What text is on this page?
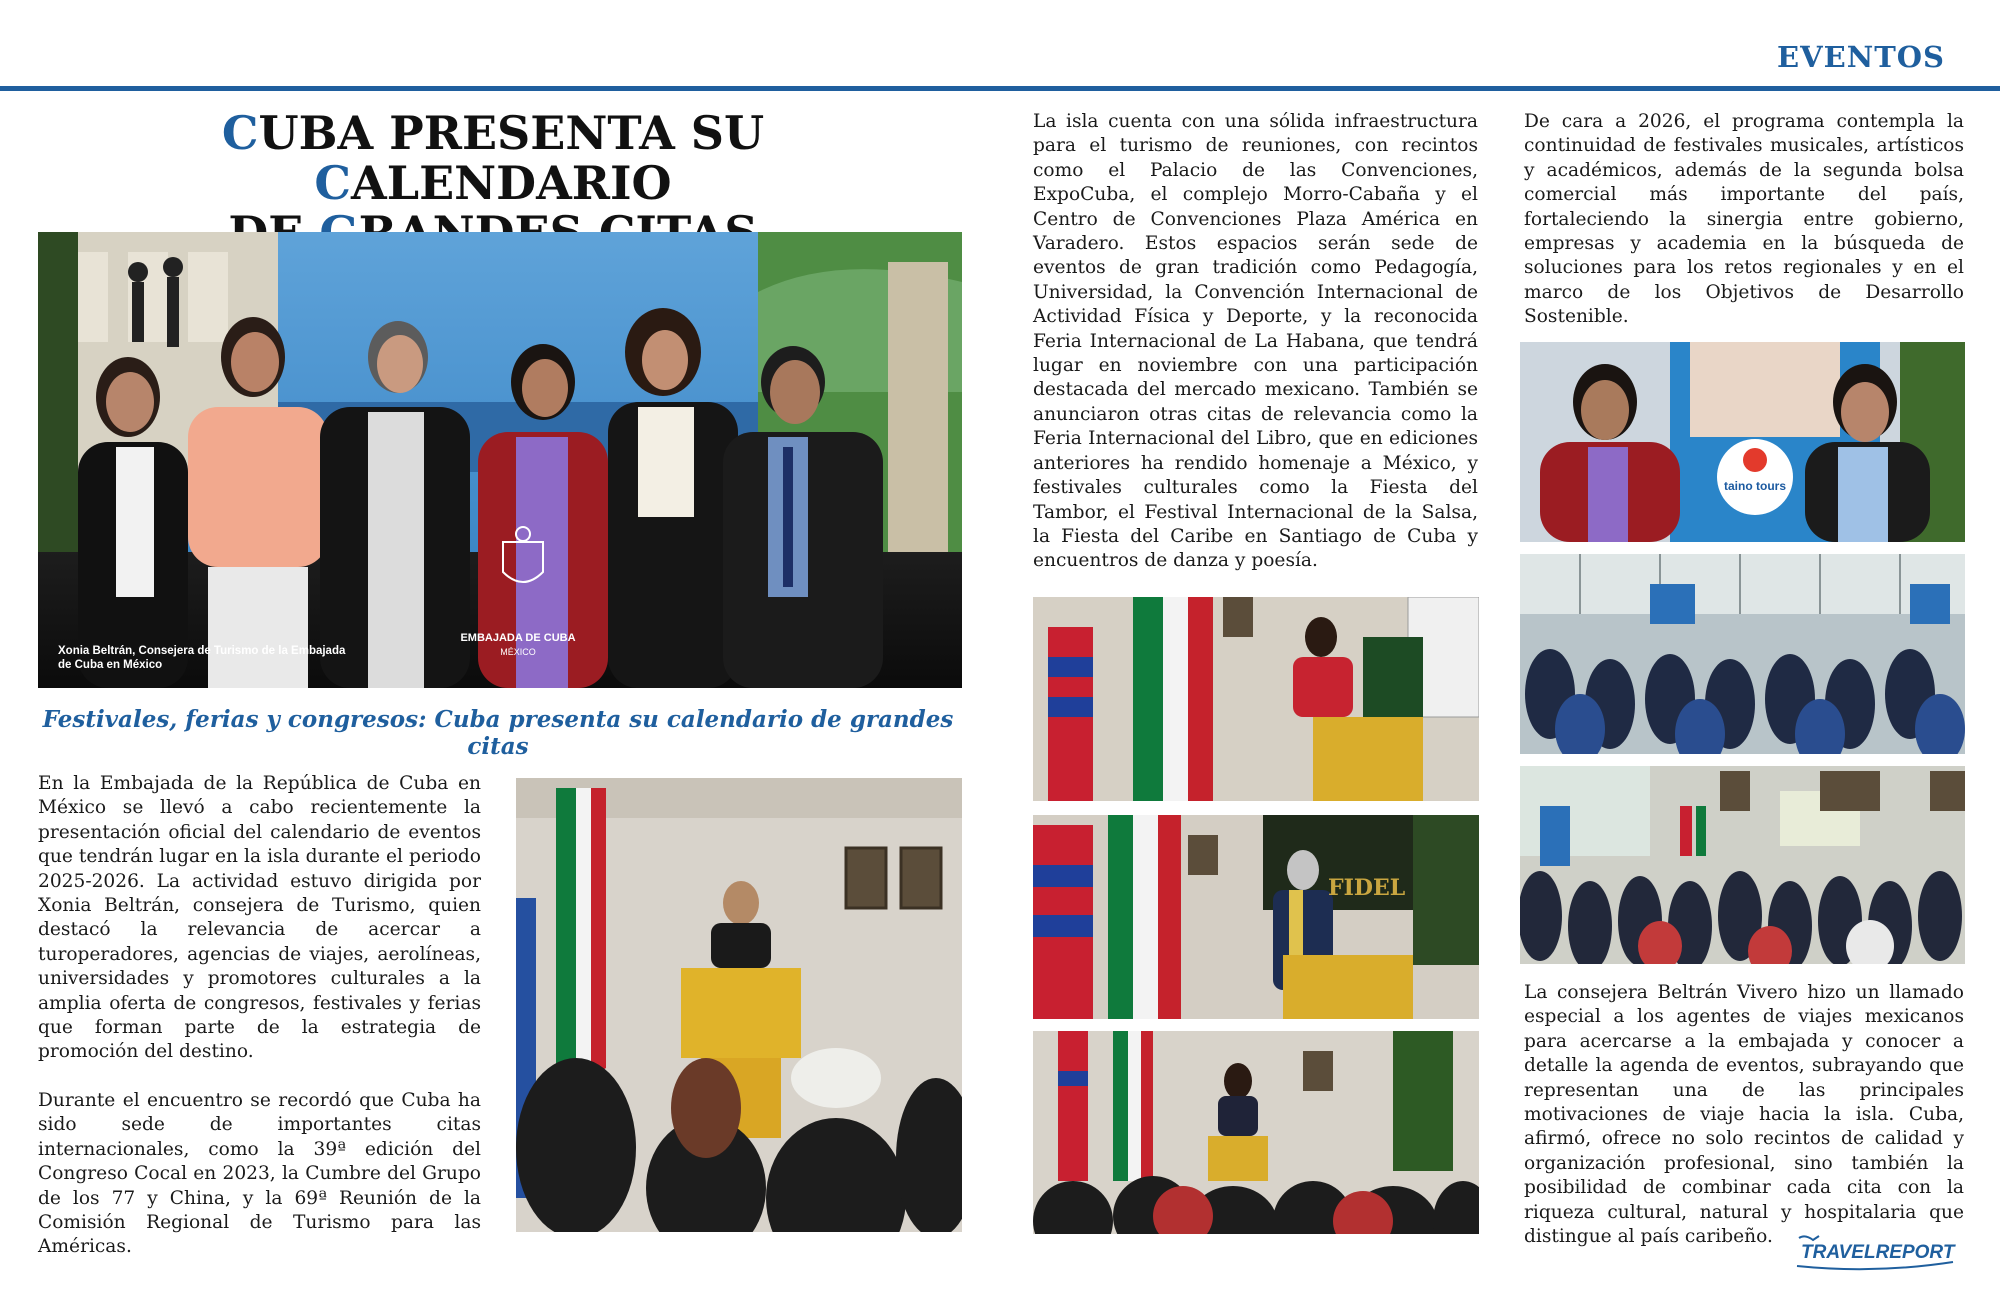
EVENTOS
CUBA PRESENTA SU CALENDARIO
Xonia Beltrán, Consejera de Turismo de la Embajada
de Cuba en México
EMBAJADA DE CUBA
MÉXICO
Festivales, ferias y congresos: Cuba presenta su calendario de grandes citas

En la Embajada de la República de Cuba en México se llevó a cabo recientemente la presentación oficial del calendario de eventos que tendrán lugar en la isla durante el periodo 2025-2026. La actividad estuvo dirigida por Xonia Beltrán, consejera de Turismo, quien destacó la relevancia de acercar a turoperadores, agencias de viajes, aerolíneas, universidades y promotores culturales a la amplia oferta de congresos, festivales y ferias que forman parte de la estrategia de promoción del destino.

Durante el encuentro se recordó que Cuba ha sido sede de importantes citas internacionales, como la 39ª edición del Congreso Cocal en 2023, la Cumbre del Grupo de los 77 y China, y la 69ª Reunión de la Comisión Regional de Turismo para las Américas.

La isla cuenta con una sólida infraestructura para el turismo de reuniones, con recintos como el Palacio de las Convenciones, ExpoCuba, el complejo Morro-Cabaña y el Centro de Convenciones Plaza América en Varadero. Estos espacios serán sede de eventos de gran tradición como Pedagogía, Universidad, la Convención Internacional de Actividad Física y Deporte, y la reconocida Feria Internacional de La Habana, que tendrá lugar en noviembre con una participación destacada del mercado mexicano. También se anunciaron otras citas de relevancia como la Feria Internacional del Libro, que en ediciones anteriores ha rendido homenaje a México, y festivales culturales como la Fiesta del Tambor, el Festival Internacional de la Salsa, la Fiesta del Caribe en Santiago de Cuba y encuentros de danza y poesía.

FIDEL

De cara a 2026, el programa contempla la continuidad de festivales musicales, artísticos y académicos, además de la segunda bolsa comercial más importante del país, fortaleciendo la sinergia entre gobierno, empresas y academia en la búsqueda de soluciones para los retos regionales y en el marco de los Objetivos de Desarrollo Sostenible.

taino tours

La consejera Beltrán Vivero hizo un llamado especial a los agentes de viajes mexicanos para acercarse a la embajada y conocer a detalle la agenda de eventos, subrayando que representan una de las principales motivaciones de viaje hacia la isla. Cuba, afirmó, ofrece no solo recintos de calidad y organización profesional, sino también la posibilidad de combinar cada cita con la riqueza cultural, natural y hospitalaria que distingue al país caribeño.

TRAVELREPORT
